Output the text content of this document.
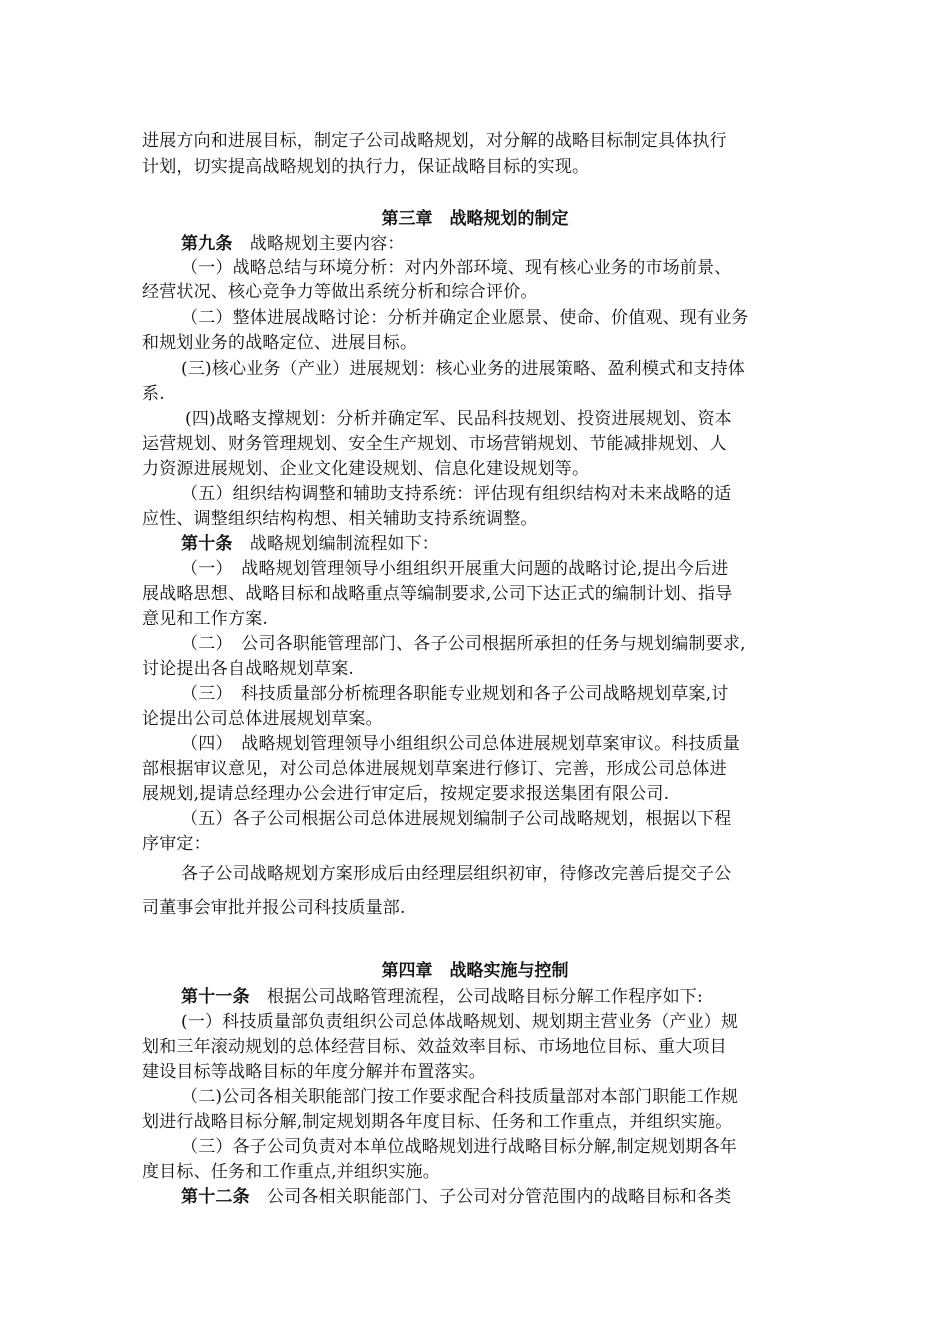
进展方向和进展目标，制定子公司战略规划，对分解的战略目标制定具体执行
计划，切实提高战略规划的执行力，保证战略目标的实现。
第三章　战略规划的制定
第九条　战略规划主要内容：
（一）战略总结与环境分析：对内外部环境、现有核心业务的市场前景、
经营状况、核心竞争力等做出系统分析和综合评价。
（二）整体进展战略讨论：分析并确定企业愿景、使命、价值观、现有业务
和规划业务的战略定位、进展目标。
(三)核心业务（产业）进展规划：核心业务的进展策略、盈利模式和支持体
系.
(四)战略支撑规划：分析并确定军、民品科技规划、投资进展规划、资本
运营规划、财务管理规划、安全生产规划、市场营销规划、节能减排规划、人
力资源进展规划、企业文化建设规划、信息化建设规划等。
（五）组织结构调整和辅助支持系统：评估现有组织结构对未来战略的适
应性、调整组织结构构想、相关辅助支持系统调整。
第十条　战略规划编制流程如下：
（一）　战略规划管理领导小组组织开展重大问题的战略讨论,提出今后进
展战略思想、战略目标和战略重点等编制要求,公司下达正式的编制计划、指导
意见和工作方案.
（二）　公司各职能管理部门、各子公司根据所承担的任务与规划编制要求,
讨论提出各自战略规划草案.
（三）　科技质量部分析梳理各职能专业规划和各子公司战略规划草案,讨
论提出公司总体进展规划草案。
（四）　战略规划管理领导小组组织公司总体进展规划草案审议。科技质量
部根据审议意见，对公司总体进展规划草案进行修订、完善，形成公司总体进
展规划,提请总经理办公会进行审定后，按规定要求报送集团有限公司.
（五）各子公司根据公司总体进展规划编制子公司战略规划，根据以下程
序审定：
各子公司战略规划方案形成后由经理层组织初审，待修改完善后提交子公
司董事会审批并报公司科技质量部.
第四章　战略实施与控制
第十一条　根据公司战略管理流程，公司战略目标分解工作程序如下:
(一）科技质量部负责组织公司总体战略规划、规划期主营业务（产业）规
划和三年滚动规划的总体经营目标、效益效率目标、市场地位目标、重大项目
建设目标等战略目标的年度分解并布置落实。
（二)公司各相关职能部门按工作要求配合科技质量部对本部门职能工作规
划进行战略目标分解,制定规划期各年度目标、任务和工作重点，并组织实施。
（三）各子公司负责对本单位战略规划进行战略目标分解,制定规划期各年
度目标、任务和工作重点,并组织实施。
第十二条　公司各相关职能部门、子公司对分管范围内的战略目标和各类
